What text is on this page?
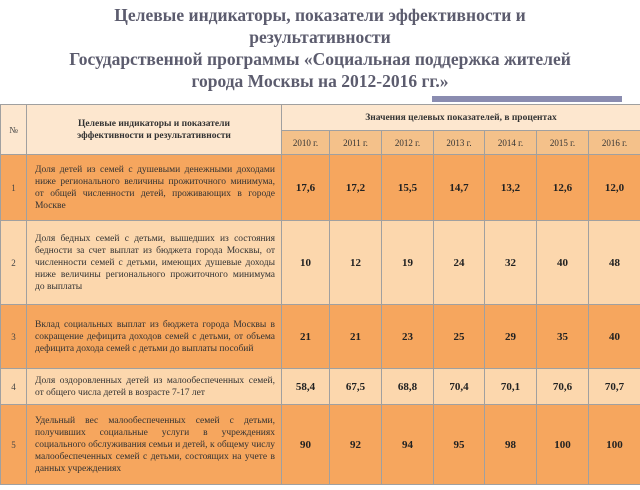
Целевые индикаторы, показатели эффективности и
результативности
Государственной программы «Социальная поддержка жителей
города Москвы на 2012-2016 гг.»
№	Целевые индикаторы и показатели эффективности и результативности	Значения целевых показателей, в процентах						
		2010 г.	2011 г.	2012 г.	2013 г.	2014 г.	2015 г.	2016 г.
1	Доля детей из семей с душевыми денежными доходами ниже регионального величины прожиточного минимума, от общей численности детей, проживающих в городе Москве	17,6	17,2	15,5	14,7	13,2	12,6	12,0
2	Доля бедных семей с детьми, вышедших из состояния бедности за счет выплат из бюджета города Москвы, от численности семей с детьми, имеющих душевые доходы ниже величины регионального прожиточного минимума до выплаты	10	12	19	24	32	40	48
3	Вклад социальных выплат из бюджета города Москвы в сокращение дефицита доходов семей с детьми, от объема дефицита дохода семей с детьми до выплаты пособий	21	21	23	25	29	35	40
4	Доля оздоровленных детей из малообеспеченных семей, от общего числа детей в возрасте 7-17 лет	58,4	67,5	68,8	70,4	70,1	70,6	70,7
5	Удельный вес малообеспеченных семей с детьми, получивших социальные услуги в учреждениях социального обслуживания семьи и детей, к общему числу малообеспеченных семей с детьми, состоящих на учете в данных учреждениях	90	92	94	95	98	100	100
